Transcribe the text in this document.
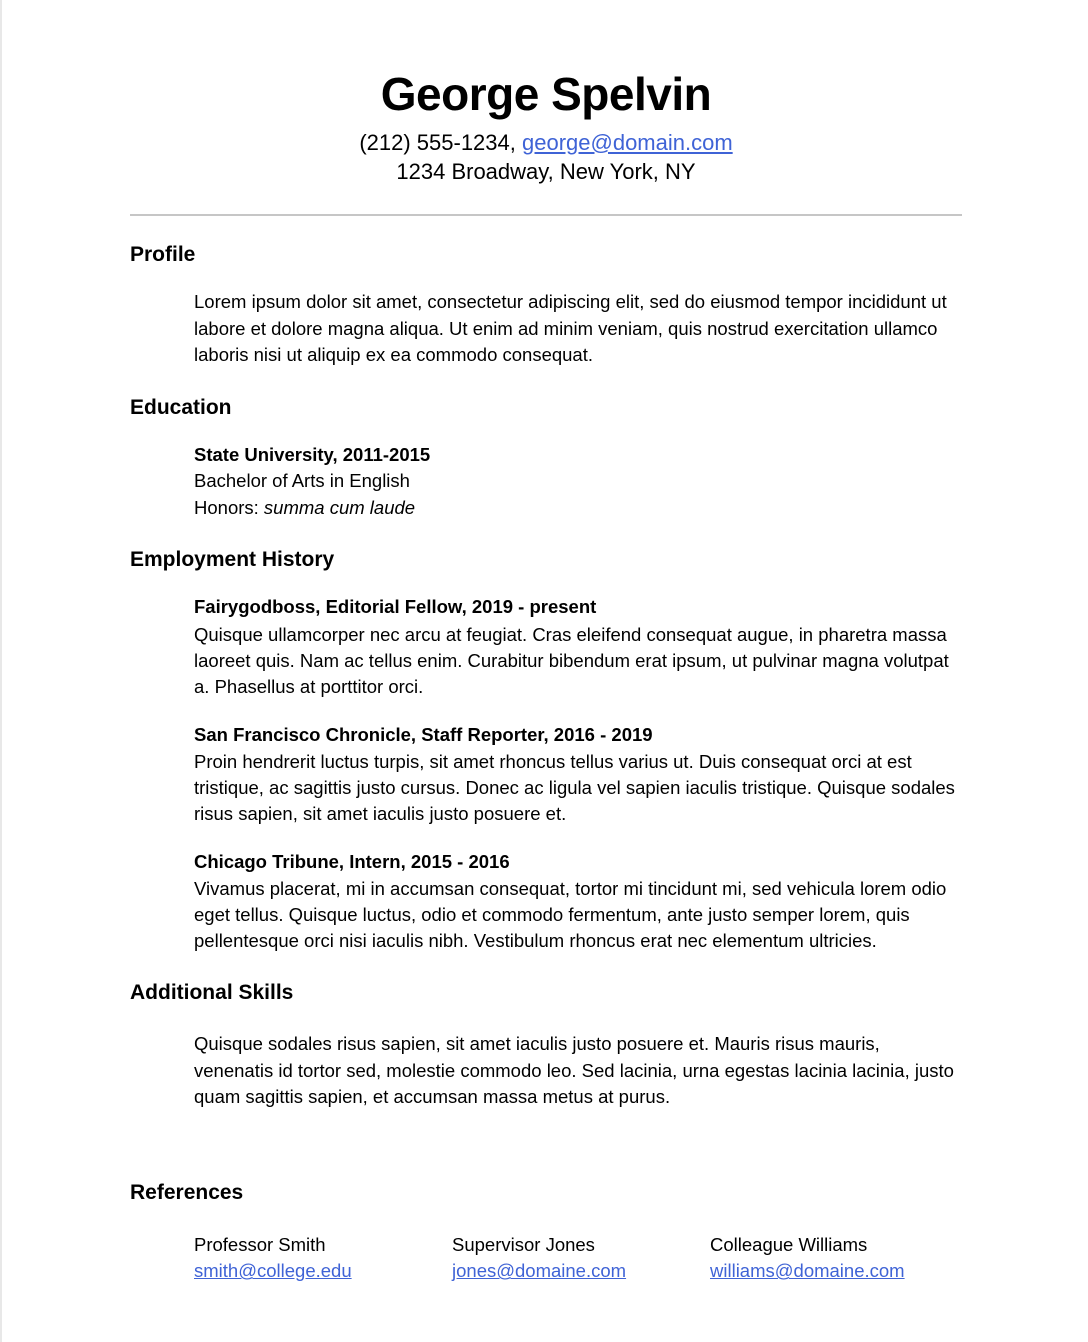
George Spelvin

(212) 555-1234, george@domain.com

1234 Broadway, New York, NY

Profile

Lorem ipsum dolor sit amet, consectetur adipiscing elit, sed do eiusmod tempor incididunt ut labore et dolore magna aliqua. Ut enim ad minim veniam, quis nostrud exercitation ullamco laboris nisi ut aliquip ex ea commodo consequat.

Education

State University, 2011-2015

Bachelor of Arts in English

Honors: summa cum laude

Employment History

Fairygodboss, Editorial Fellow, 2019 - present

Quisque ullamcorper nec arcu at feugiat. Cras eleifend consequat augue, in pharetra massa laoreet quis. Nam ac tellus enim. Curabitur bibendum erat ipsum, ut pulvinar magna volutpat a. Phasellus at porttitor orci.

San Francisco Chronicle, Staff Reporter, 2016 - 2019

Proin hendrerit luctus turpis, sit amet rhoncus tellus varius ut. Duis consequat orci at est tristique, ac sagittis justo cursus. Donec ac ligula vel sapien iaculis tristique. Quisque sodales risus sapien, sit amet iaculis justo posuere et.

Chicago Tribune, Intern, 2015 - 2016

Vivamus placerat, mi in accumsan consequat, tortor mi tincidunt mi, sed vehicula lorem odio eget tellus. Quisque luctus, odio et commodo fermentum, ante justo semper lorem, quis pellentesque orci nisi iaculis nibh. Vestibulum rhoncus erat nec elementum ultricies.

Additional Skills

Quisque sodales risus sapien, sit amet iaculis justo posuere et. Mauris risus mauris, venenatis id tortor sed, molestie commodo leo. Sed lacinia, urna egestas lacinia lacinia, justo quam sagittis sapien, et accumsan massa metus at purus.

References

Professor Smith

smith@college.edu

Supervisor Jones

jones@domaine.com

Colleague Williams

williams@domaine.com
